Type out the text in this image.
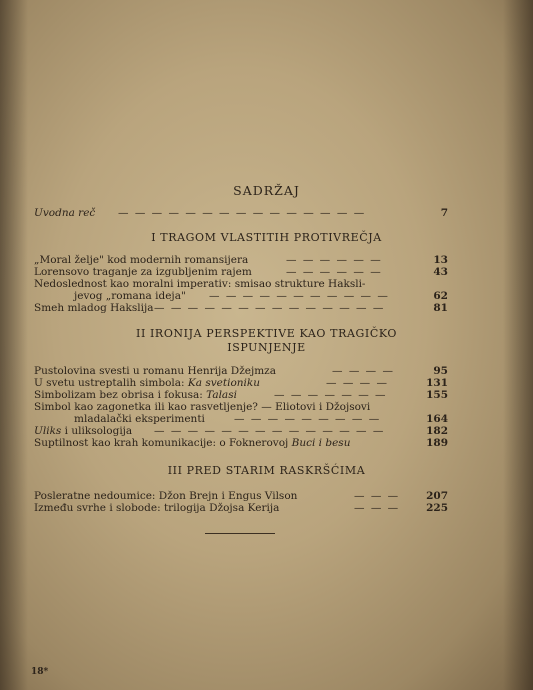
SADRŽAJ
Uvodna reč — — — — — — — — — — — — — — —	7
I TRAGOM VLASTITIH PROTIVREČJA
„Moral želje" kod modernih romansijera	— — — — — —	13
Lorensovo traganje za izgubljenim rajem	— — — — — —	43
Nedoslednost kao moralni imperativ: smisao strukture Haksli-
jevog „romana ideja" — — — — — — — — — — —	62
Smeh mladog Hakslija — — — — — — — — — — — — — —	81
II IRONIJA PERSPEKTIVE KAO TRAGIČKO
ISPUNJENJE
Pustolovina svesti u romanu Henrija Džejmza	— — — —	95
U svetu ustreptalih simbola: Ka svetioniku	— — — —	131
Simbolizam bez obrisa i fokusa: Talasi	— — — — — — —	155
Simbol kao zagonetka ili kao rasvetljenje? — Eliotovi i Džojsovi
mladalački eksperimenti	— — — — — — — — —	164
Uliks i uliksologija — — — — — — — — — — — — — —	182
Suptilnost kao krah komunikacije: o Foknerovoj Buci i besu	189
III PRED STARIM RASKRŠĆIMA
Posleratne nedoumice: Džon Brejn i Engus Vilson	— — —	207
Između svrhe i slobode: trilogija Džojsa Kerija	— — —	225
18*
